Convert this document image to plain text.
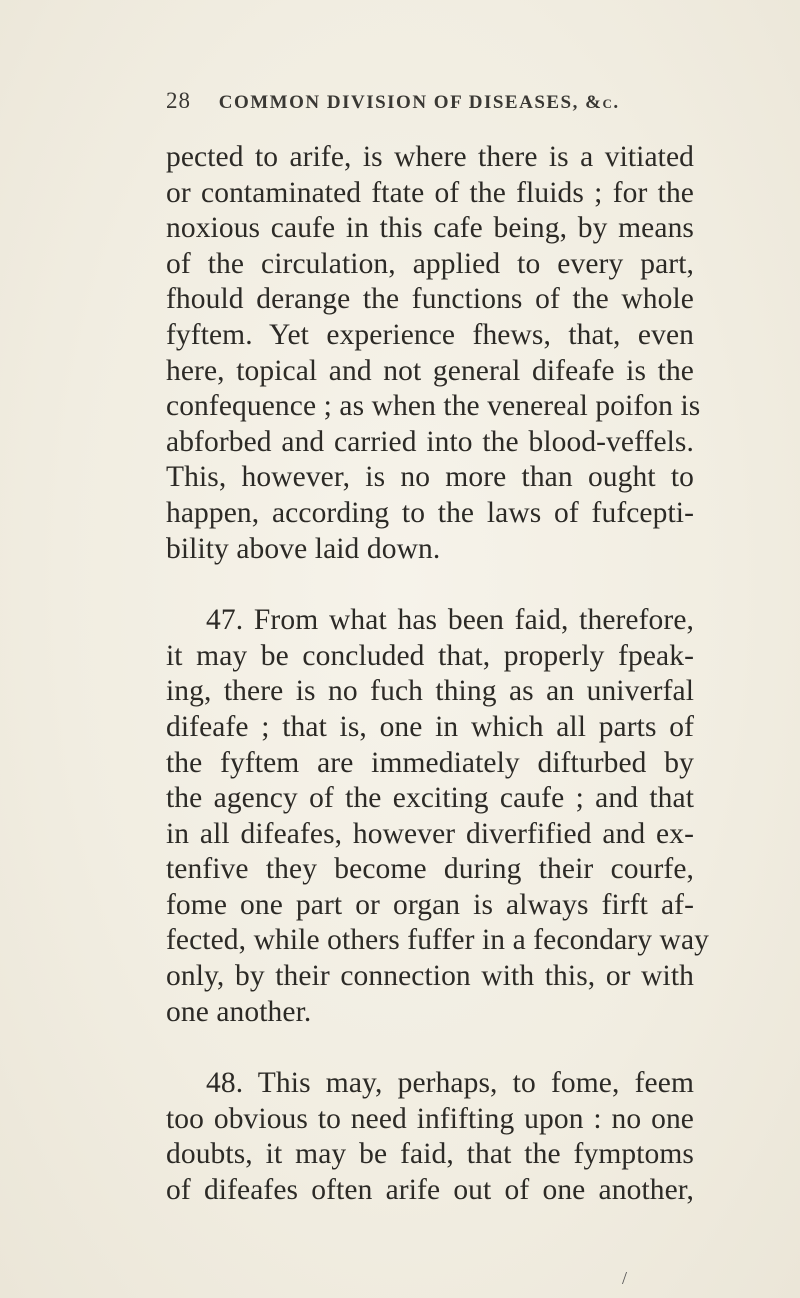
28 COMMON DIVISION OF DISEASES, &c.
pected to arife, is where there is a vitiated
or contaminated ftate of the fluids ; for the
noxious caufe in this cafe being, by means
of the circulation, applied to every part,
fhould derange the functions of the whole
fyftem. Yet experience fhews, that, even
here, topical and not general difeafe is the
confequence ; as when the venereal poifon is
abforbed and carried into the blood-veffels.
This, however, is no more than ought to
happen, according to the laws of fufcepti-
bility above laid down.
47. From what has been faid, therefore,
it may be concluded that, properly fpeak-
ing, there is no fuch thing as an univerfal
difeafe ; that is, one in which all parts of
the fyftem are immediately difturbed by
the agency of the exciting caufe ; and that
in all difeafes, however diverfified and ex-
tenfive they become during their courfe,
fome one part or organ is always firft af-
fected, while others fuffer in a fecondary way
only, by their connection with this, or with
one another.
48. This may, perhaps, to fome, feem
too obvious to need infifting upon : no one
doubts, it may be faid, that the fymptoms
of difeafes often arife out of one another,
/
